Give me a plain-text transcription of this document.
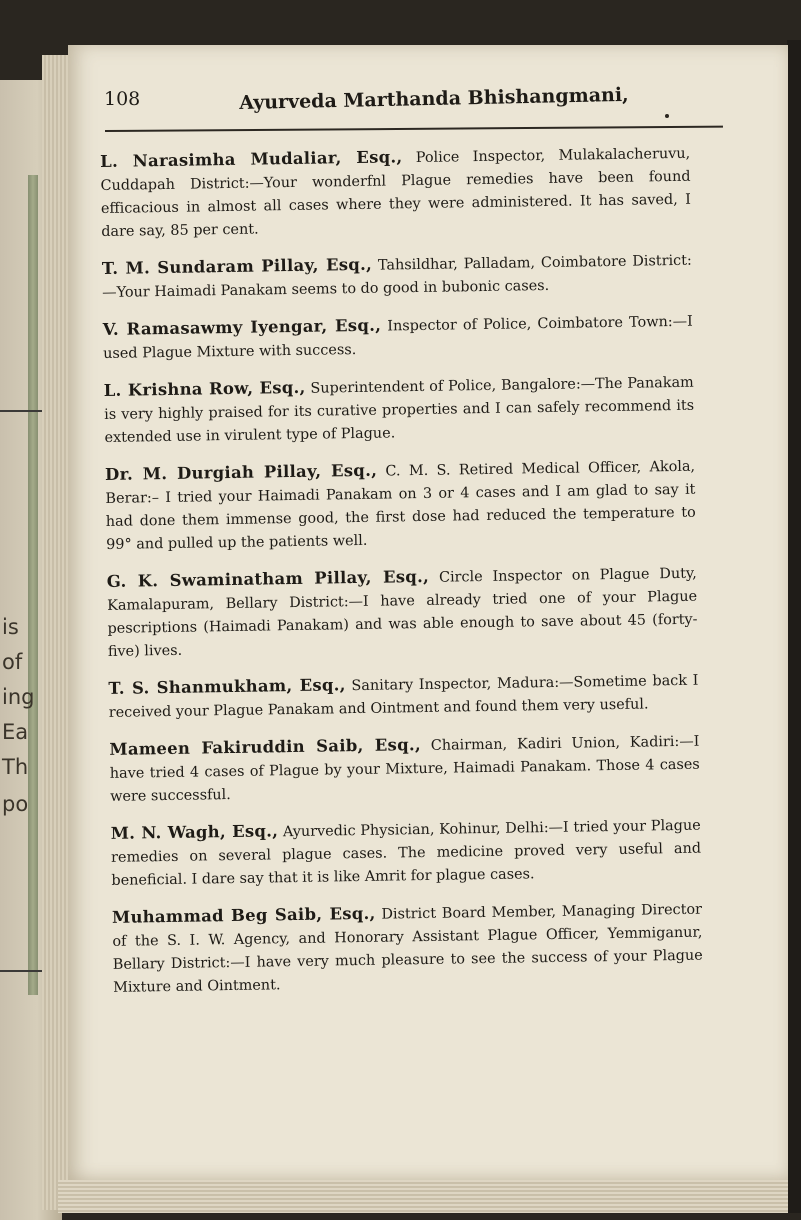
is
of
ing
Ea
Th
po
108	Ayurveda Marthanda Bhishangmani,

L. Narasimha Mudaliar, Esq., Police Inspector, Mulakalacheruvu, Cuddapah District:—Your wonderfnl Plague remedies have been found efficacious in almost all cases where they were administered. It has saved, I dare say, 85 per cent.

T. M. Sundaram Pillay, Esq., Tahsildhar, Palladam, Coimbatore District:—Your Haimadi Panakam seems to do good in bubonic cases.

V. Ramasawmy Iyengar, Esq., Inspector of Police, Coimbatore Town:—I used Plague Mixture with success.

L. Krishna Row, Esq., Superintendent of Police, Bangalore:—The Panakam is very highly praised for its curative properties and I can safely recommend its extended use in virulent type of Plague.

Dr. M. Durgiah Pillay, Esq., C. M. S. Retired Medical Officer, Akola, Berar:– I tried your Haimadi Panakam on 3 or 4 cases and I am glad to say it had done them immense good, the first dose had reduced the temperature to 99° and pulled up the patients well.

G. K. Swaminatham Pillay, Esq., Circle Inspector on Plague Duty, Kamalapuram, Bellary District:—I have already tried one of your Plague pescriptions (Haimadi Panakam) and was able enough to save about 45 (forty-five) lives.

T. S. Shanmukham, Esq., Sanitary Inspector, Madura:—Sometime back I received your Plague Panakam and Ointment and found them very useful.

Mameen Fakiruddin Saib, Esq., Chairman, Kadiri Union, Kadiri:—I have tried 4 cases of Plague by your Mixture, Haimadi Panakam. Those 4 cases were successful.

M. N. Wagh, Esq., Ayurvedic Physician, Kohinur, Delhi:—I tried your Plague remedies on several plague cases. The medicine proved very useful and beneficial. I dare say that it is like Amrit for plague cases.

Muhammad Beg Saib, Esq., District Board Member, Managing Director of the S. I. W. Agency, and Honorary Assistant Plague Officer, Yemmiganur, Bellary District:—I have very much pleasure to see the success of your Plague Mixture and Ointment.
